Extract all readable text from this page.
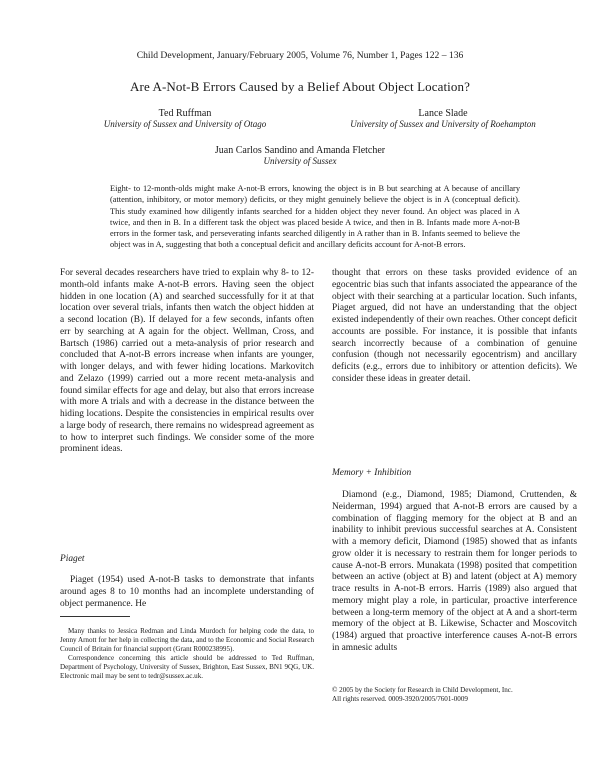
Child Development, January/February 2005, Volume 76, Number 1, Pages 122 – 136
Are A-Not-B Errors Caused by a Belief About Object Location?
Ted Ruffman
University of Sussex and University of Otago
Lance Slade
University of Sussex and University of Roehampton
Juan Carlos Sandino and Amanda Fletcher
University of Sussex
Eight- to 12-month-olds might make A-not-B errors, knowing the object is in B but searching at A because of ancillary (attention, inhibitory, or motor memory) deficits, or they might genuinely believe the object is in A (conceptual deficit). This study examined how diligently infants searched for a hidden object they never found. An object was placed in A twice, and then in B. In a different task the object was placed beside A twice, and then in B. Infants made more A-not-B errors in the former task, and perseverating infants searched diligently in A rather than in B. Infants seemed to believe the object was in A, suggesting that both a conceptual deficit and ancillary deficits account for A-not-B errors.

For several decades researchers have tried to explain why 8- to 12-month-old infants make A-not-B errors. Having seen the object hidden in one location (A) and searched successfully for it at that location over several trials, infants then watch the object hidden at a second location (B). If delayed for a few seconds, infants often err by searching at A again for the object. Wellman, Cross, and Bartsch (1986) carried out a meta-analysis of prior research and concluded that A-not-B errors increase when infants are younger, with longer delays, and with fewer hiding locations. Markovitch and Zelazo (1999) carried out a more recent meta-analysis and found similar effects for age and delay, but also that errors increase with more A trials and with a decrease in the distance between the hiding locations. Despite the consistencies in empirical results over a large body of research, there remains no widespread agreement as to how to interpret such findings. We consider some of the more prominent ideas.

Piaget

Piaget (1954) used A-not-B tasks to demonstrate that infants around ages 8 to 10 months had an incomplete understanding of object permanence. He

Many thanks to Jessica Redman and Linda Murdoch for helping code the data, to Jenny Arnott for her help in collecting the data, and to the Economic and Social Research Council of Britain for financial support (Grant R000238995).

Correspondence concerning this article should be addressed to Ted Ruffman, Department of Psychology, University of Sussex, Brighton, East Sussex, BN1 9QG, UK. Electronic mail may be sent to tedr@sussex.ac.uk.

thought that errors on these tasks provided evidence of an egocentric bias such that infants associated the appearance of the object with their searching at a particular location. Such infants, Piaget argued, did not have an understanding that the object existed independently of their own reaches. Other concept deficit accounts are possible. For instance, it is possible that infants search incorrectly because of a combination of genuine confusion (though not necessarily egocentrism) and ancillary deficits (e.g., errors due to inhibitory or attention deficits). We consider these ideas in greater detail.

Memory + Inhibition

Diamond (e.g., Diamond, 1985; Diamond, Cruttenden, & Neiderman, 1994) argued that A-not-B errors are caused by a combination of flagging memory for the object at B and an inability to inhibit previous successful searches at A. Consistent with a memory deficit, Diamond (1985) showed that as infants grow older it is necessary to restrain them for longer periods to cause A-not-B errors. Munakata (1998) posited that competition between an active (object at B) and latent (object at A) memory trace results in A-not-B errors. Harris (1989) also argued that memory might play a role, in particular, proactive interference between a long-term memory of the object at A and a short-term memory of the object at B. Likewise, Schacter and Moscovitch (1984) argued that proactive interference causes A-not-B errors in amnesic adults

© 2005 by the Society for Research in Child Development, Inc.
All rights reserved. 0009-3920/2005/7601-0009
